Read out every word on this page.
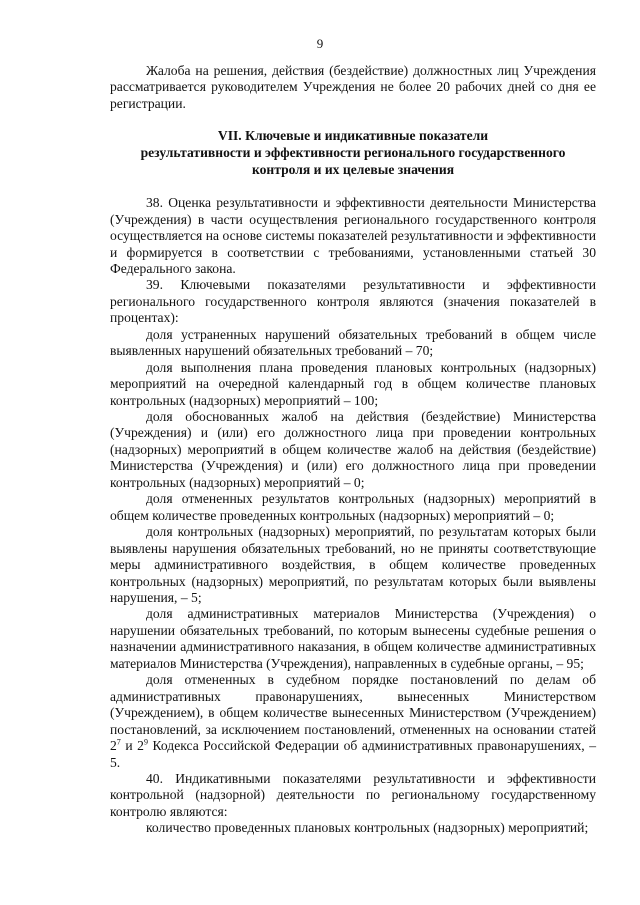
9

Жалоба на решения, действия (бездействие) должностных лиц Учреждения рассматривается руководителем Учреждения не более 20 рабочих дней со дня ее регистрации.

VII. Ключевые и индикативные показатели
результативности и эффективности регионального государственного
контроля и их целевые значения

38. Оценка результативности и эффективности деятельности Министерства (Учреждения) в части осуществления регионального государственного контроля осуществляется на основе системы показателей результативности и эффективности и формируется в соответствии с требованиями, установленными статьей 30 Федерального закона.

39. Ключевыми показателями результативности и эффективности регионального государственного контроля являются (значения показателей в процентах):

доля устраненных нарушений обязательных требований в общем числе выявленных нарушений обязательных требований – 70;

доля выполнения плана проведения плановых контрольных (надзорных) мероприятий на очередной календарный год в общем количестве плановых контрольных (надзорных) мероприятий – 100;

доля обоснованных жалоб на действия (бездействие) Министерства (Учреждения) и (или) его должностного лица при проведении контрольных (надзорных) мероприятий в общем количестве жалоб на действия (бездействие) Министерства (Учреждения) и (или) его должностного лица при проведении контрольных (надзорных) мероприятий – 0;

доля отмененных результатов контрольных (надзорных) мероприятий в общем количестве проведенных контрольных (надзорных) мероприятий – 0;

доля контрольных (надзорных) мероприятий, по результатам которых были выявлены нарушения обязательных требований, но не приняты соответствующие меры административного воздействия, в общем количестве проведенных контрольных (надзорных) мероприятий, по результатам которых были выявлены нарушения, – 5;

доля административных материалов Министерства (Учреждения) о нарушении обязательных требований, по которым вынесены судебные решения о назначении административного наказания, в общем количестве административных материалов Министерства (Учреждения), направленных в судебные органы, – 95;

доля отмененных в судебном порядке постановлений по делам об административных правонарушениях, вынесенных Министерством (Учреждением), в общем количестве вынесенных Министерством (Учреждением) постановлений, за исключением постановлений, отмененных на основании статей $2^7$ и $2^9$ Кодекса Российской Федерации об административных правонарушениях, – 5.

40. Индикативными показателями результативности и эффективности контрольной (надзорной) деятельности по региональному государственному контролю являются:

количество проведенных плановых контрольных (надзорных) мероприятий;
